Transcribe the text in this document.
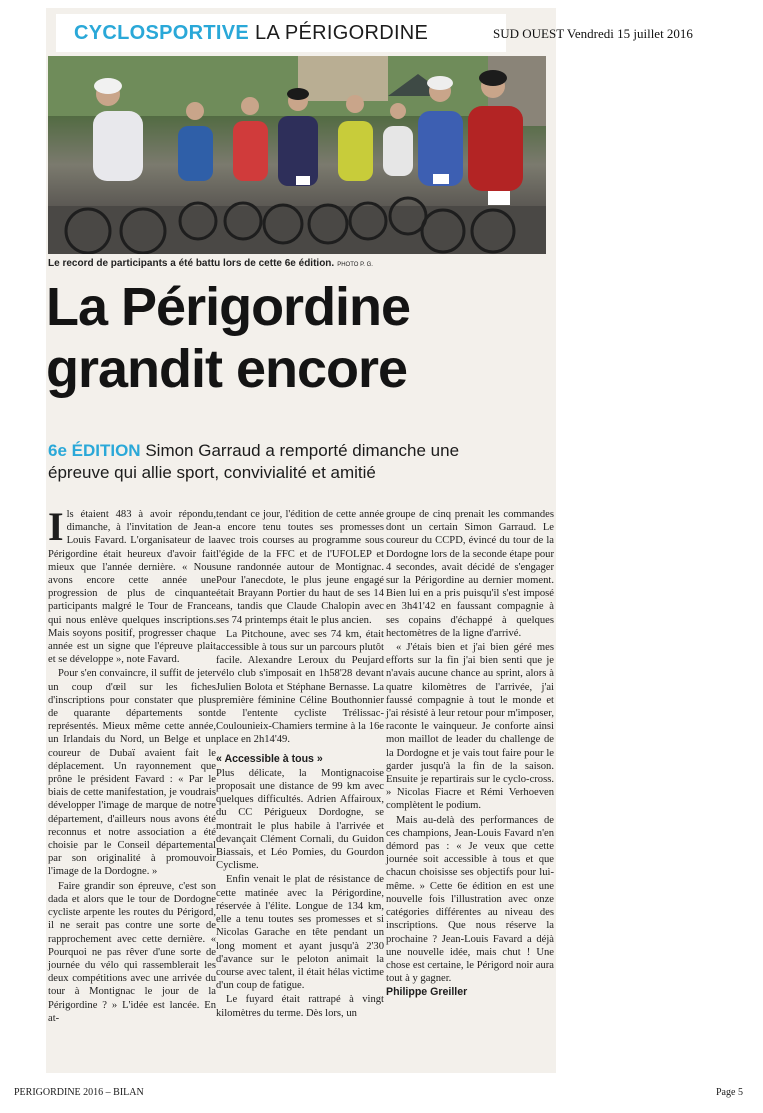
CYCLOSPORTIVE LA PÉRIGORDINE
Le record de participants a été battu lors de cette 6e édition. PHOTO P. G.
La Périgordine
grandit encore
6e ÉDITION Simon Garraud a remporté dimanche une épreuve qui allie sport, convivialité et amitié

Ils étaient 483 à avoir répondu, dimanche, à l'invitation de Jean-Louis Favard. L'organisateur de la Périgordine était heureux d'avoir fait mieux que l'année dernière. « Nous avons encore cette année une progression de plus de cinquante participants malgré le Tour de France qui nous enlève quelques inscriptions. Mais soyons positif, progresser chaque année est un signe que l'épreuve plait et se développe », note Favard.

Pour s'en convaincre, il suffit de jeter un coup d'œil sur les fiches d'inscriptions pour constater que plus de quarante départements sont représentés. Mieux même cette année, un Irlandais du Nord, un Belge et un coureur de Dubaï avaient fait le déplacement. Un rayonnement que prône le président Favard : « Par le biais de cette manifestation, je voudrais développer l'image de marque de notre département, d'ailleurs nous avons été reconnus et notre association a été choisie par le Conseil départemental par son originalité à promouvoir l'image de la Dordogne. »

Faire grandir son épreuve, c'est son dada et alors que le tour de Dordogne cycliste arpente les routes du Périgord, il ne serait pas contre une sorte de rapprochement avec cette dernière. « Pourquoi ne pas rêver d'une sorte de journée du vélo qui rassemblerait les deux compétitions avec une arrivée du tour à Montignac le jour de la Périgordine ? » L'idée est lancée. En at-

tendant ce jour, l'édition de cette année a encore tenu toutes ses promesses avec trois courses au programme sous l'égide de la FFC et de l'UFOLEP et une randonnée autour de Montignac. Pour l'anecdote, le plus jeune engagé était Brayann Portier du haut de ses 14 ans, tandis que Claude Chalopin avec ses 74 printemps était le plus ancien.

La Pitchoune, avec ses 74 km, était accessible à tous sur un parcours plutôt facile. Alexandre Leroux du Peujard vélo club s'imposait en 1h58'28 devant Julien Bolota et Stéphane Bernasse. La première féminine Céline Bouthonnier de l'entente cycliste Trélissac-Coulounieix-Chamiers termine à la 16e place en 2h14'49.

« Accessible à tous »

Plus délicate, la Montignacoise proposait une distance de 99 km avec quelques difficultés. Adrien Affairoux, du CC Périgueux Dordogne, se montrait le plus habile à l'arrivée et devançait Clément Cornali, du Guidon Biassais, et Léo Pomies, du Gourdon Cyclisme.

Enfin venait le plat de résistance de cette matinée avec la Périgordine, réservée à l'élite. Longue de 134 km, elle a tenu toutes ses promesses et si Nicolas Garache en tête pendant un long moment et ayant jusqu'à 2'30 d'avance sur le peloton animait la course avec talent, il était hélas victime d'un coup de fatigue.

Le fuyard était rattrapé à vingt kilomètres du terme. Dès lors, un

groupe de cinq prenait les commandes dont un certain Simon Garraud. Le coureur du CCPD, évincé du tour de la Dordogne lors de la seconde étape pour 4 secondes, avait décidé de s'engager sur la Périgordine au dernier moment. Bien lui en a pris puisqu'il s'est imposé en 3h41'42 en faussant compagnie à ses copains d'échappé à quelques hectomètres de la ligne d'arrivé.

« J'étais bien et j'ai bien géré mes efforts sur la fin j'ai bien senti que je n'avais aucune chance au sprint, alors à quatre kilomètres de l'arrivée, j'ai faussé compagnie à tout le monde et j'ai résisté à leur retour pour m'imposer, raconte le vainqueur. Je conforte ainsi mon maillot de leader du challenge de la Dordogne et je vais tout faire pour le garder jusqu'à la fin de la saison. Ensuite je repartirais sur le cyclo-cross. » Nicolas Fiacre et Rémi Verhoeven complètent le podium.

Mais au-delà des performances de ces champions, Jean-Louis Favard n'en démord pas : « Je veux que cette journée soit accessible à tous et que chacun choisisse ses objectifs pour lui-même. » Cette 6e édition en est une nouvelle fois l'illustration avec onze catégories différentes au niveau des inscriptions. Que nous réserve la prochaine ? Jean-Louis Favard a déjà une nouvelle idée, mais chut ! Une chose est certaine, le Périgord noir aura tout à y gagner.

Philippe Greiller
SUD OUEST Vendredi 15 juillet 2016
PERIGORDINE 2016 – BILAN	Page 5
